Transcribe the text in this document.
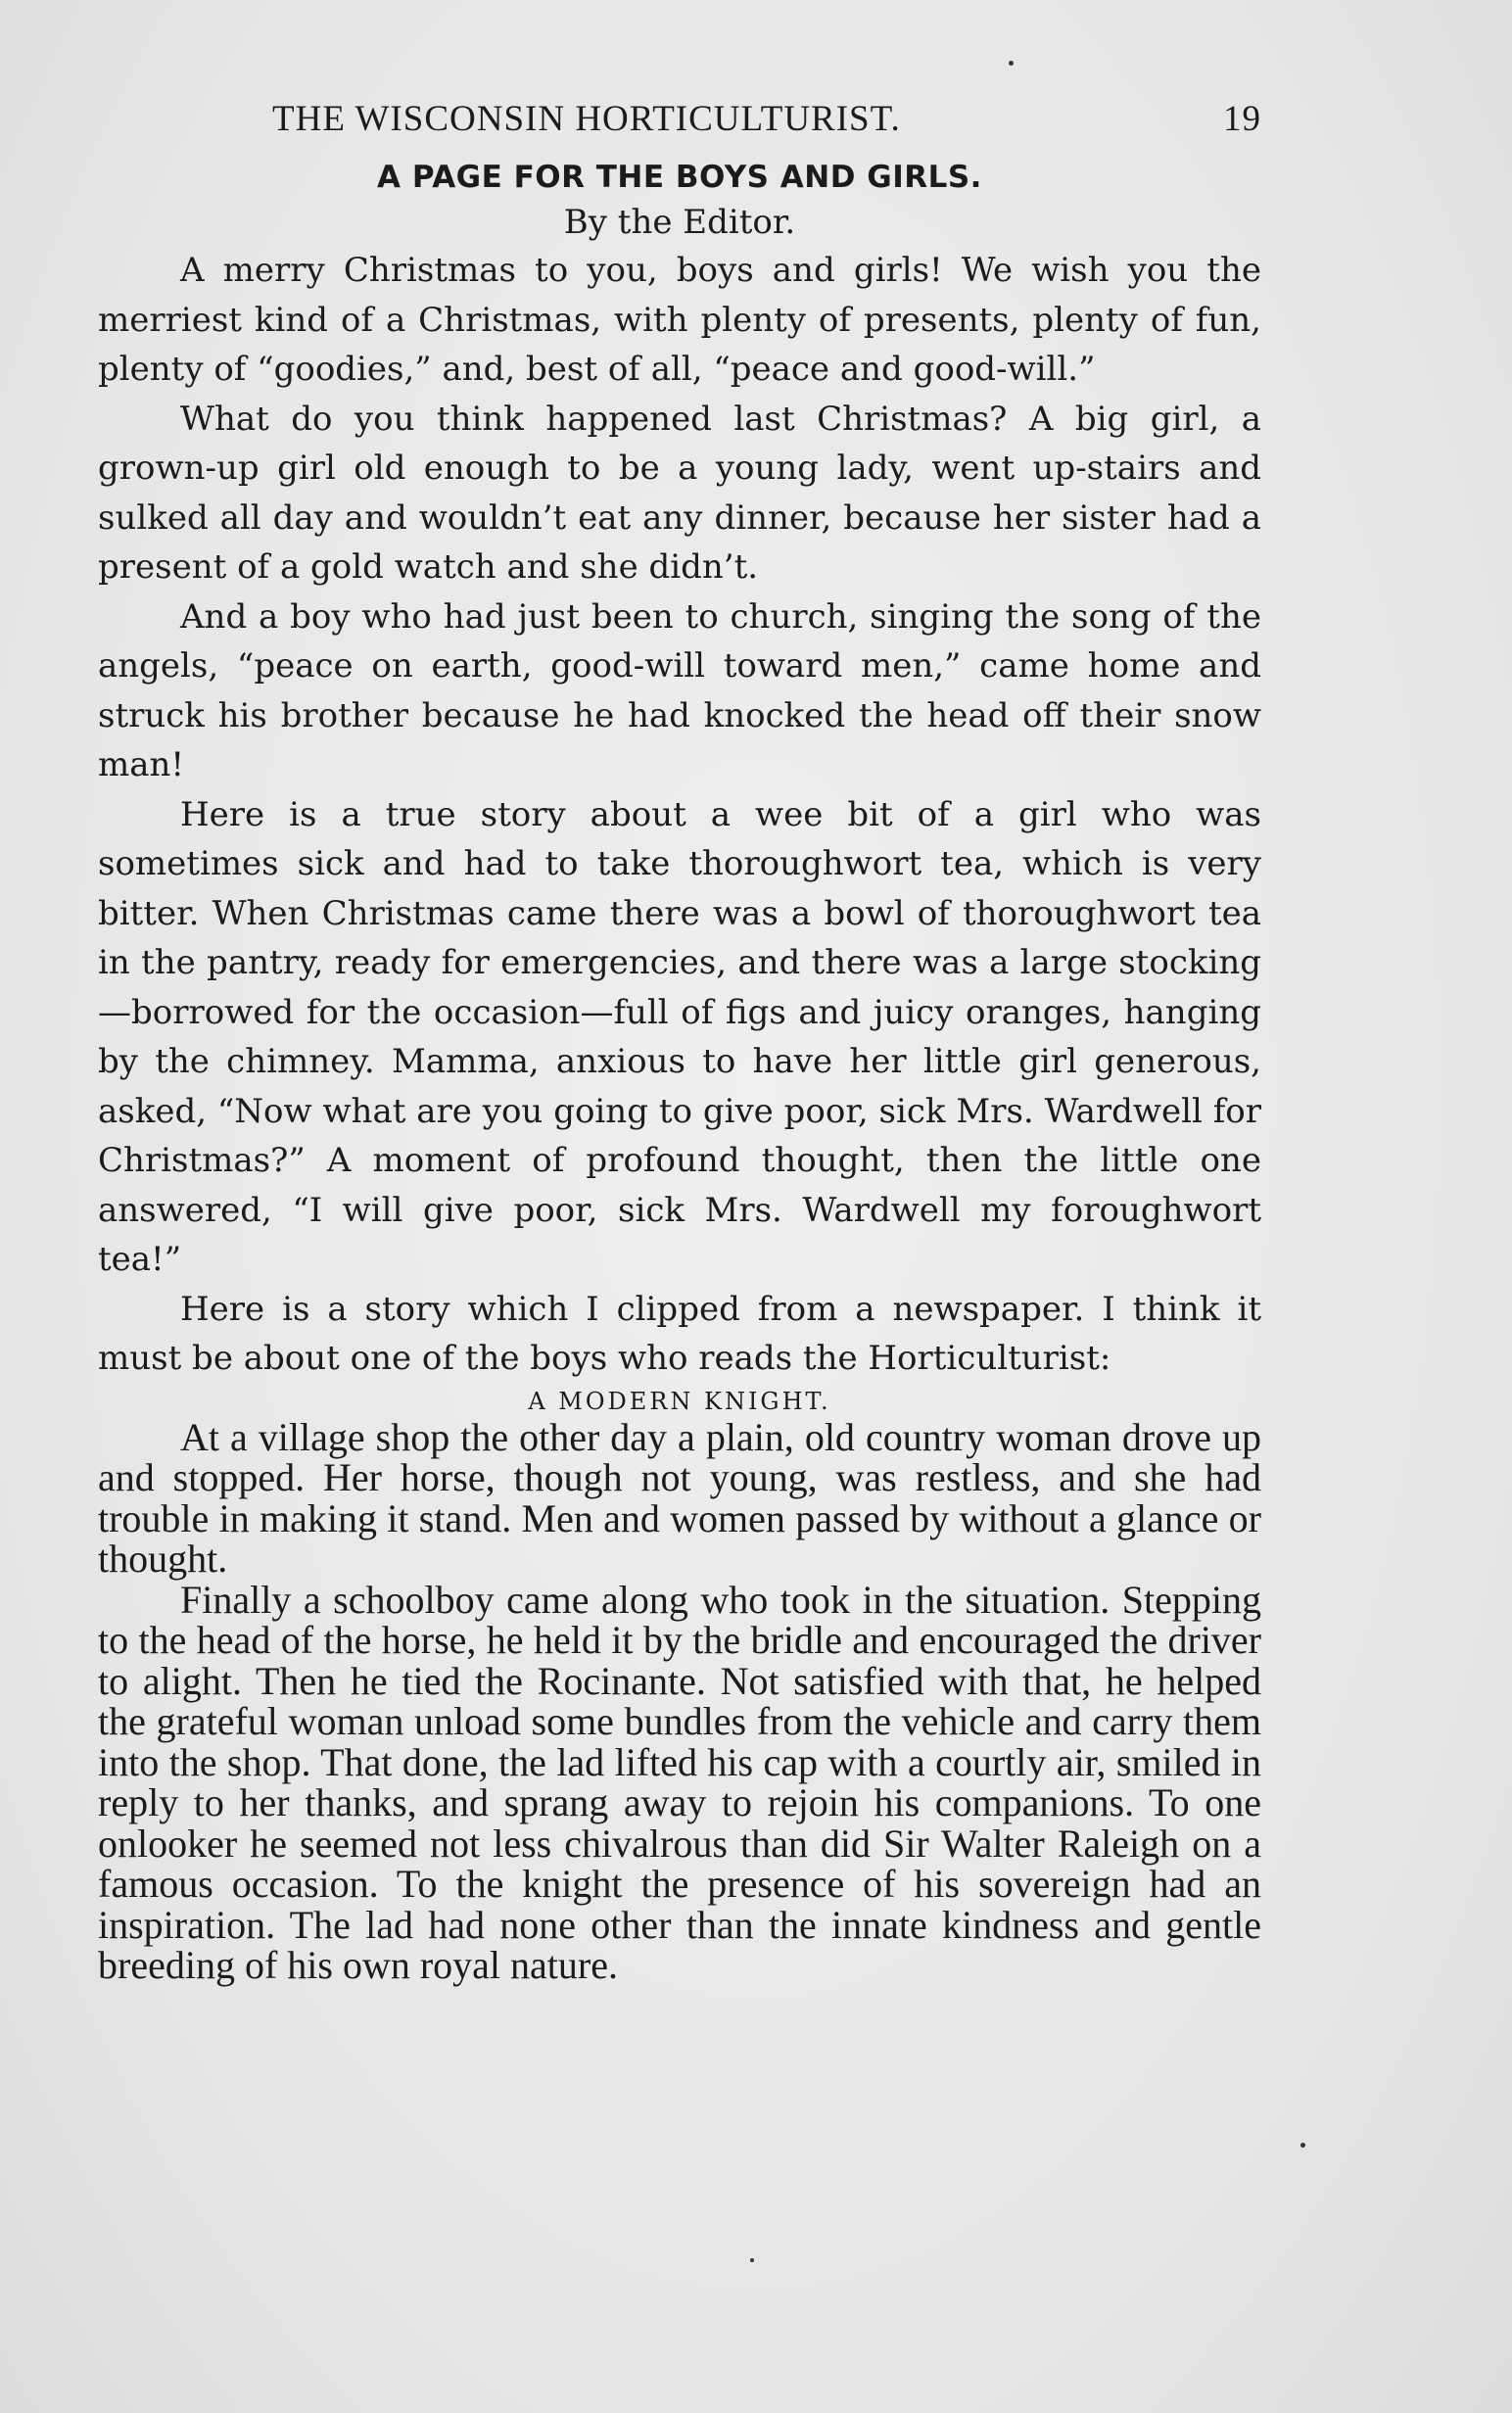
THE WISCONSIN HORTICULTURIST.	19
A PAGE FOR THE BOYS AND GIRLS.
By the Editor.

A merry Christmas to you, boys and girls! We wish you the merriest kind of a Christmas, with plenty of presents, plenty of fun, plenty of “goodies,” and, best of all, “peace and good-will.”

What do you think happened last Christmas? A big girl, a grown-up girl old enough to be a young lady, went up-stairs and sulked all day and wouldn’t eat any dinner, because her sister had a present of a gold watch and she didn’t.

And a boy who had just been to church, singing the song of the angels, “peace on earth, good-will toward men,” came home and struck his brother because he had knocked the head off their snow man!

Here is a true story about a wee bit of a girl who was sometimes sick and had to take thoroughwort tea, which is very bitter. When Christmas came there was a bowl of thoroughwort tea in the pantry, ready for emergencies, and there was a large stocking—borrowed for the occasion—full of figs and juicy oranges, hanging by the chimney. Mamma, anxious to have her little girl generous, asked, “Now what are you going to give poor, sick Mrs. Wardwell for Christmas?” A moment of profound thought, then the little one answered, “I will give poor, sick Mrs. Wardwell my foroughwort tea!”

Here is a story which I clipped from a newspaper. I think it must be about one of the boys who reads the Horticulturist:

A MODERN KNIGHT.

At a village shop the other day a plain, old country woman drove up and stopped. Her horse, though not young, was restless, and she had trouble in making it stand. Men and women passed by without a glance or thought.

Finally a schoolboy came along who took in the situation. Stepping to the head of the horse, he held it by the bridle and encouraged the driver to alight. Then he tied the Rocinante. Not satisfied with that, he helped the grateful woman unload some bundles from the vehicle and carry them into the shop. That done, the lad lifted his cap with a courtly air, smiled in reply to her thanks, and sprang away to rejoin his companions. To one onlooker he seemed not less chivalrous than did Sir Walter Raleigh on a famous occasion. To the knight the presence of his sovereign had an inspiration. The lad had none other than the innate kindness and gentle breeding of his own royal nature.
